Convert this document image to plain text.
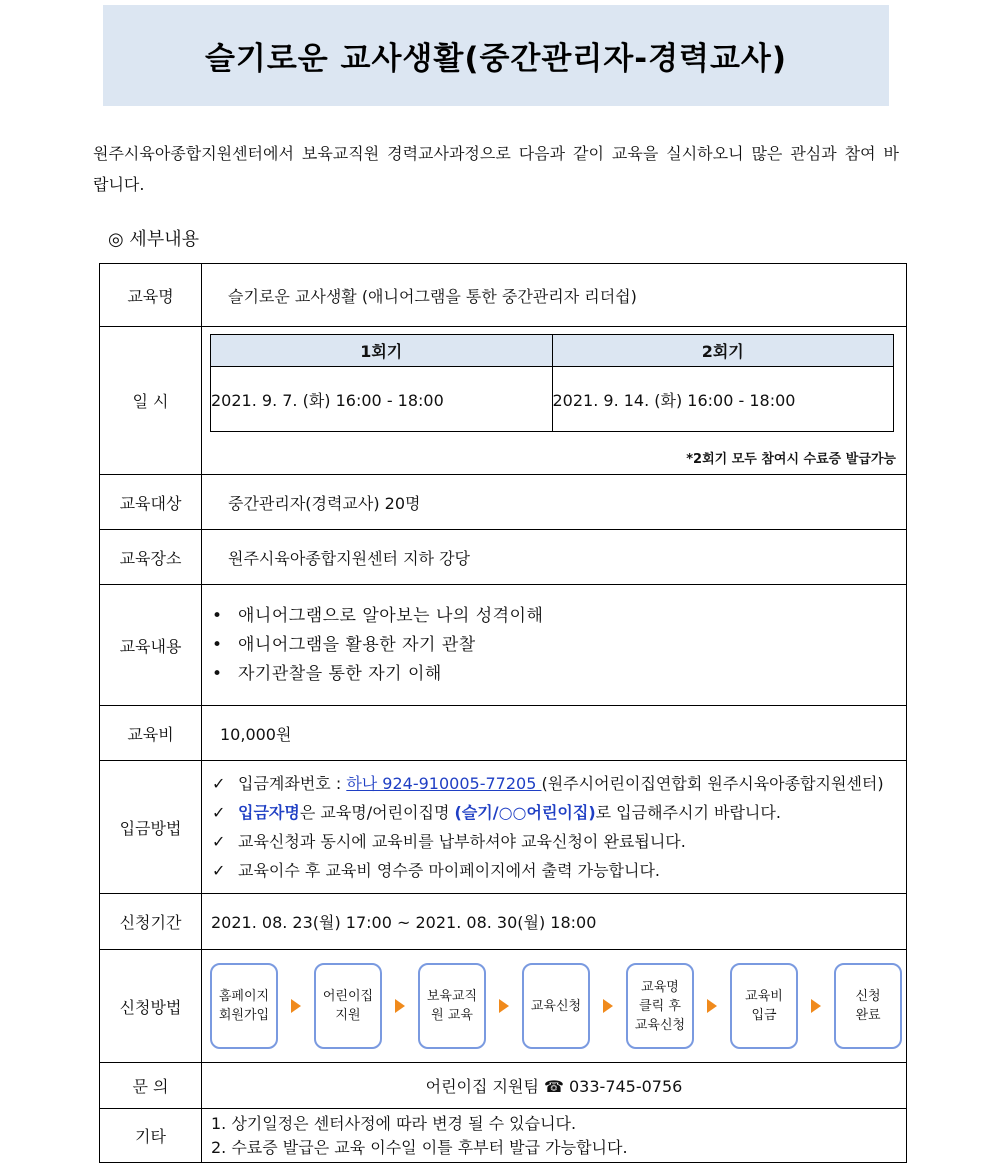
슬기로운 교사생활(중간관리자-경력교사)
원주시육아종합지원센터에서 보육교직원 경력교사과정으로 다음과 같이 교육을 실시하오니 많은 관심과 참여 바랍니다.
◎ 세부내용
교육명	슬기로운 교사생활 (애니어그램을 통한 중간관리자 리더쉽)

일 시	
1회기	2회기
2021. 9. 7. (화) 16:00 - 18:00	2021. 9. 14. (화) 16:00 - 18:00
*2회기 모두 참여시 수료증 발급가능

교육대상	중간관리자(경력교사) 20명

교육장소	원주시육아종합지원센터 지하 강당

교육내용	
• 애니어그램으로 알아보는 나의 성격이해
• 애니어그램을 활용한 자기 관찰
• 자기관찰을 통한 자기 이해

교육비	10,000원

입금방법	
✓ 입금계좌번호 : 하나 924-910005-77205 (원주시어린이집연합회 원주시육아종합지원센터)
✓ 입금자명은 교육명/어린이집명 (슬기/○○어린이집)로 입금해주시기 바랍니다.
✓ 교육신청과 동시에 교육비를 납부하셔야 교육신청이 완료됩니다.
✓ 교육이수 후 교육비 영수증 마이페이지에서 출력 가능합니다.

신청기간	2021. 08. 23(월) 17:00 ~ 2021. 08. 30(월) 18:00

신청방법	
홈페이지
회원가입
어린이집
지원
보육교직
원 교육
교육신청
교육명
클릭 후
교육신청
교육비
입금
신청
완료

문 의	어린이집 지원팀 ☎ 033-745-0756
기타	
1. 상기일정은 센터사정에 따라 변경 될 수 있습니다.
2. 수료증 발급은 교육 이수일 이틀 후부터 발급 가능합니다.
